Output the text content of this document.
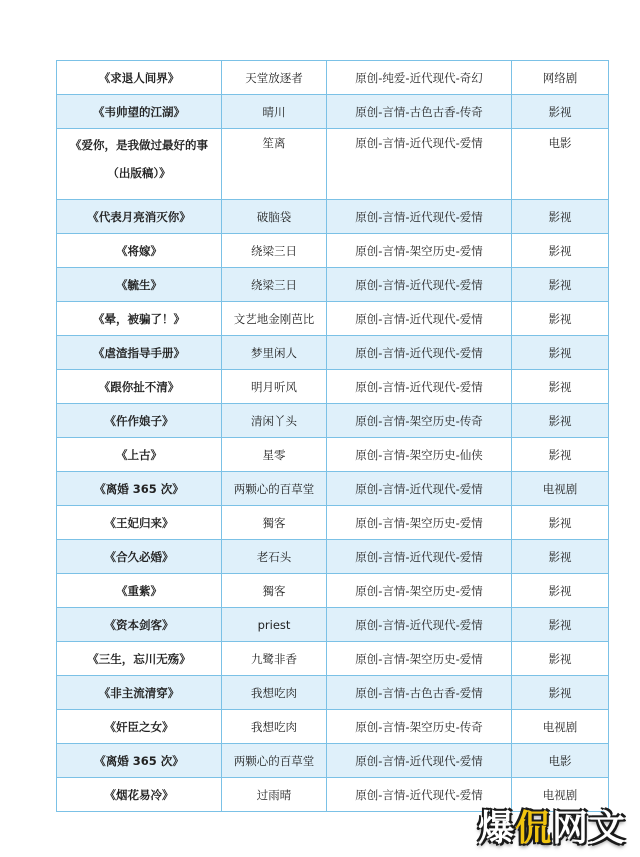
《求退人间界》	天堂放逐者	原创-纯爱-近代现代-奇幻	网络剧
《韦帅望的江湖》	晴川	原创-言情-古色古香-传奇	影视
《爱你，是我做过最好的事（出版稿）》	笙离	原创-言情-近代现代-爱情	电影
《代表月亮消灭你》	破脑袋	原创-言情-近代现代-爱情	影视
《将嫁》	绕梁三日	原创-言情-架空历史-爱情	影视
《毓生》	绕梁三日	原创-言情-近代现代-爱情	影视
《晕，被骗了！》	文艺地金刚芭比	原创-言情-近代现代-爱情	影视
《虐渣指导手册》	梦里闲人	原创-言情-近代现代-爱情	影视
《跟你扯不清》	明月听风	原创-言情-近代现代-爱情	影视
《仵作娘子》	清闲丫头	原创-言情-架空历史-传奇	影视
《上古》	星零	原创-言情-架空历史-仙侠	影视
《离婚 365 次》	两颗心的百草堂	原创-言情-近代现代-爱情	电视剧
《王妃归来》	獨客	原创-言情-架空历史-爱情	影视
《合久必婚》	老石头	原创-言情-近代现代-爱情	影视
《重紫》	獨客	原创-言情-架空历史-爱情	影视
《资本剑客》	priest	原创-言情-近代现代-爱情	影视
《三生，忘川无殇》	九鹭非香	原创-言情-架空历史-爱情	影视
《非主流清穿》	我想吃肉	原创-言情-古色古香-爱情	影视
《奸臣之女》	我想吃肉	原创-言情-架空历史-传奇	电视剧
《离婚 365 次》	两颗心的百草堂	原创-言情-近代现代-爱情	电影
《烟花易冷》	过雨晴	原创-言情-近代现代-爱情	电视剧
爆侃网文
